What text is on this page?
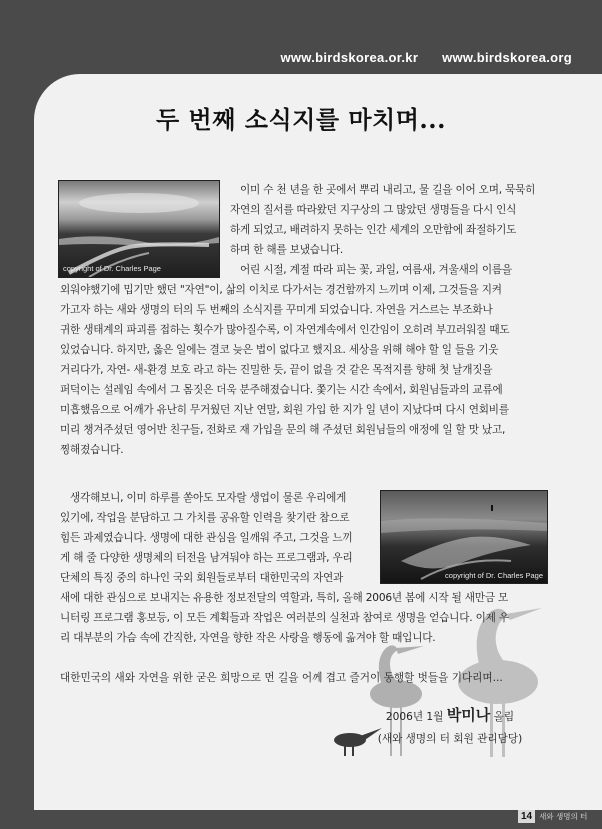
www.birdskorea.or.kr www.birdskorea.org
두 번째 소식지를 마치며...
copyright of Dr. Charles Page
이미 수 천 년을 한 곳에서 뿌리 내리고, 물 길을 이어 오며, 묵묵히
자연의 질서를 따라왔던 지구상의 그 많았던 생명들을 다시 인식
하게 되었고, 배려하지 못하는 인간 세계의 오만함에 좌절하기도
하며 한 해를 보냈습니다.
어린 시절, 계절 따라 피는 꽃, 과일, 여름새, 겨울새의 이름을
외워야했기에 밉기만 했던 "자연"이, 삶의 이치로 다가서는 경건함까지 느끼며 이제, 그것들을 지켜
가고자 하는 새와 생명의 터의 두 번째의 소식지를 꾸미게 되었습니다. 자연을 거스르는 부조화나
귀한 생태계의 파괴를 접하는 횟수가 많아질수록, 이 자연계속에서 인간임이 오히려 부끄러워질 때도
있었습니다. 하지만, 옳은 일에는 결코 늦은 법이 없다고 했지요. 세상을 위해 해야 할 일 들을 기웃
거리다가, 자연- 새-환경 보호 라고 하는 진밀한 듯, 끝이 없을 것 같은 목적지를 향해 첫 날개짓을
퍼덕이는 설레임 속에서 그 몸짓은 더욱 분주해졌습니다. 쫓기는 시간 속에서, 회원님들과의 교류에
미흡했음으로 어깨가 유난히 무거웠던 지난 연말, 회원 가입 한 지가 일 년이 지났다며 다시 연회비를
미리 챙겨주셨던 영어반 친구들, 전화로 재 가입을 문의 해 주셨던 회원님들의 애정에 일 할 맛 났고,
찡해졌습니다.
생각해보니, 이미 하루를 쏟아도 모자랄 생업이 물론 우리에게
있기에, 작업을 분담하고 그 가치를 공유할 인력을 찾기란 참으로
힘든 과제였습니다. 생명에 대한 관심을 일깨워 주고, 그것을 느끼
게 해 줄 다양한 생명체의 터전을 남겨둬야 하는 프로그램과, 우리
단체의 특징 중의 하나인 국외 회원들로부터 대한민국의 자연과	copyright of Dr. Charles Page
새에 대한 관심으로 보내지는 유용한 정보전달의 역할과, 특히, 올해 2006년 봄에 시작 될 새만금 모
니터링 프로그램 홍보등, 이 모든 계획들과 작업은 여러분의 실천과 참여로 생명을 얻습니다. 이제 우
리 대부분의 가슴 속에 간직한, 자연을 향한 작은 사랑을 행동에 옮겨야 할 때입니다.
대한민국의 새와 자연을 위한 굳은 희망으로 먼 길을 어께 겹고 즐거이 동행할 벗들을 기다리며...
2006년 1월 박미나 올림
(새와 생명의 터 회원 관리담당)
14 새와 생명의 터
